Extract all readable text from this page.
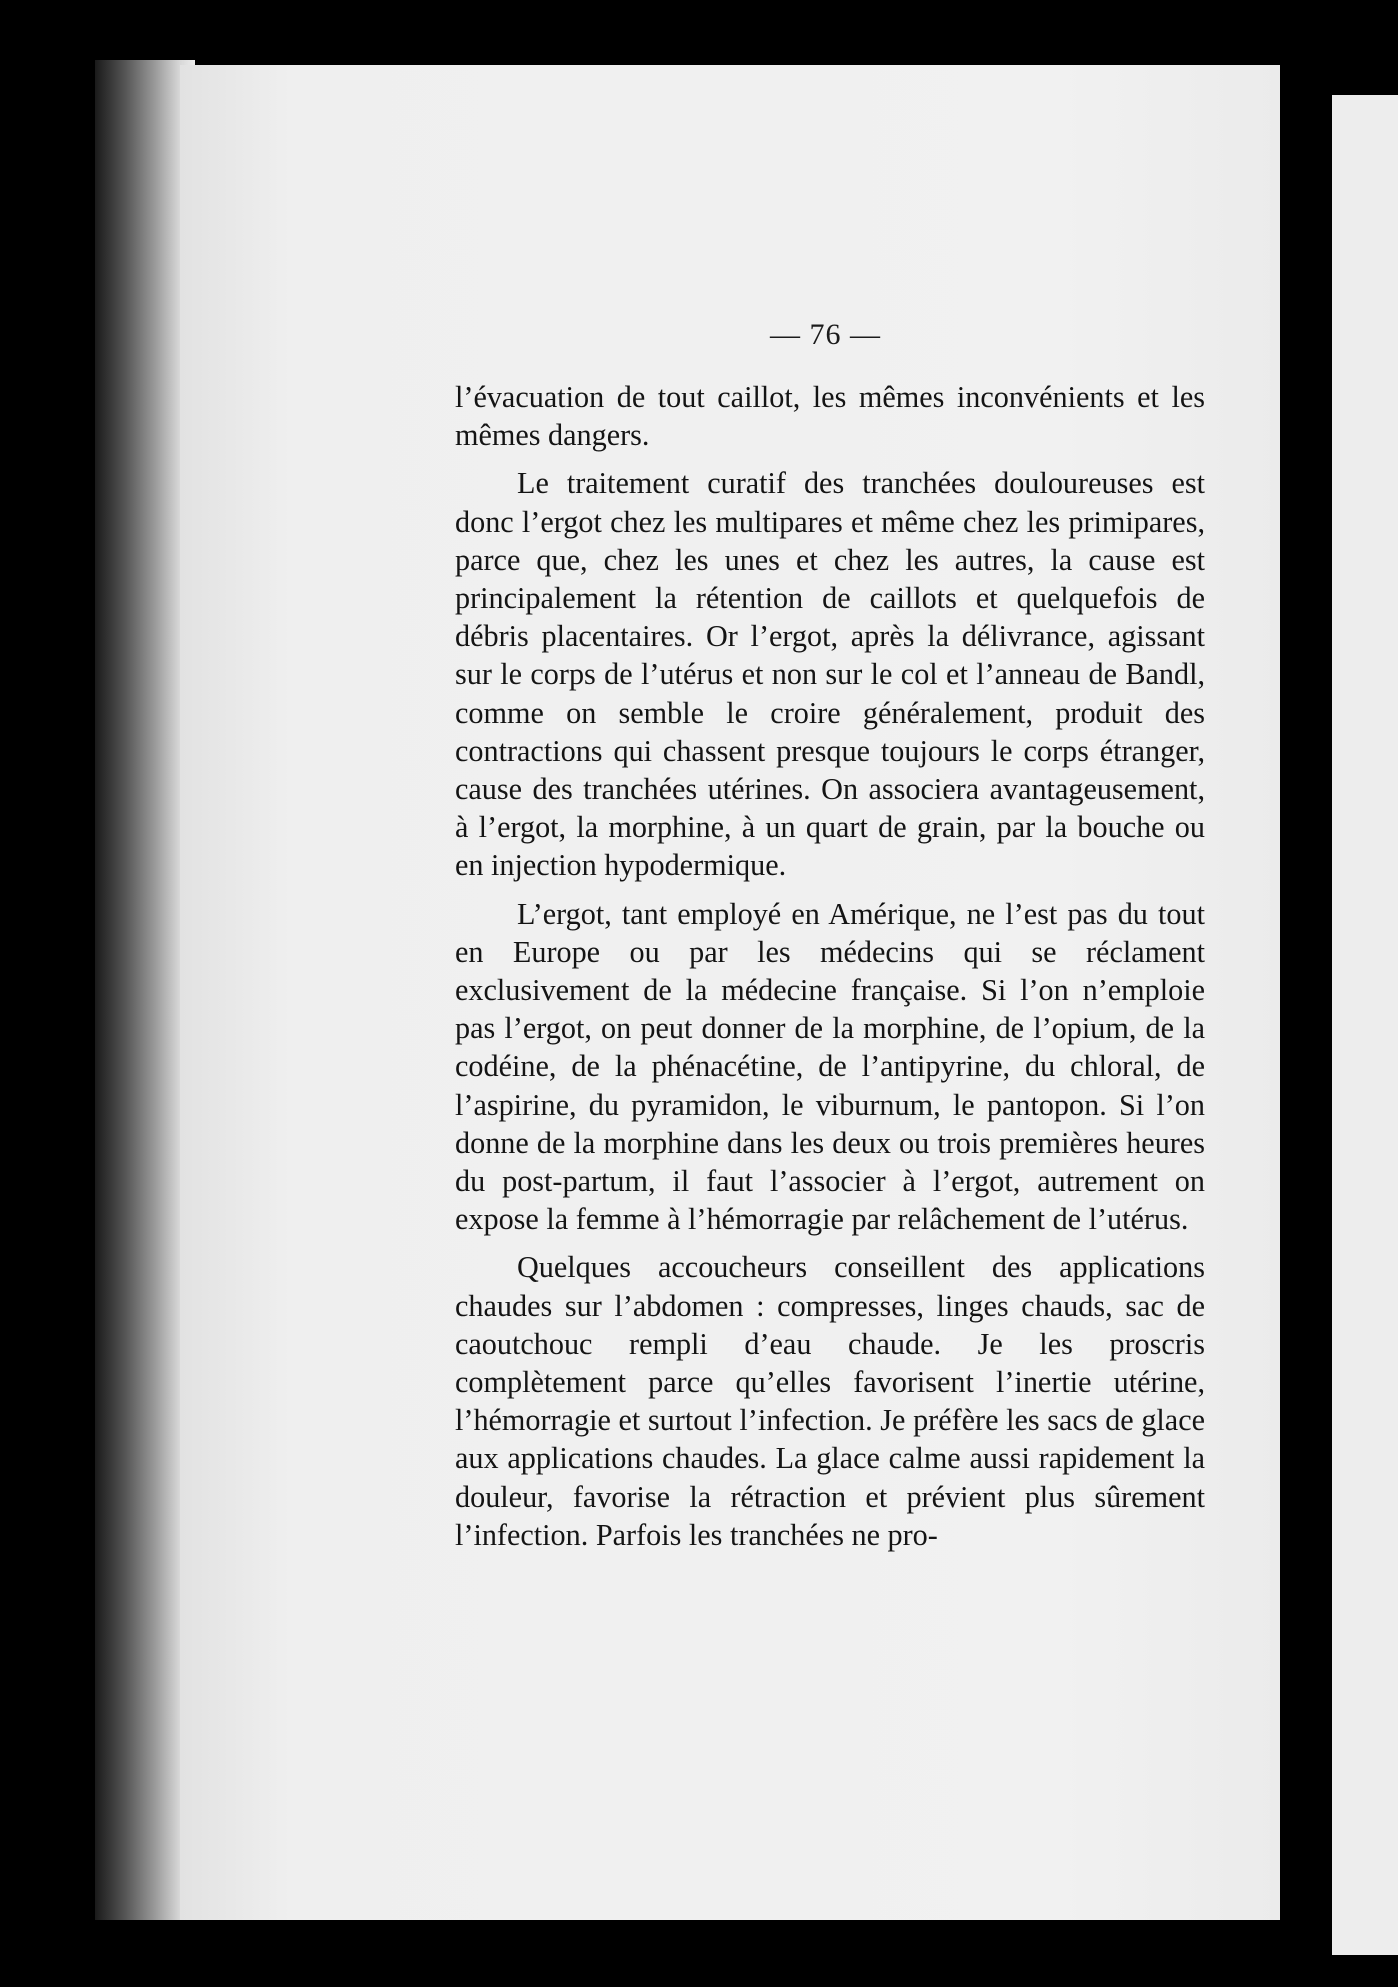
— 76 —

l’évacuation de tout caillot, les mêmes inconvénients et les mêmes dangers.

Le traitement curatif des tranchées douloureuses est donc l’ergot chez les multipares et même chez les primipares, parce que, chez les unes et chez les autres, la cause est principalement la rétention de caillots et quelquefois de débris placentaires. Or l’ergot, après la délivrance, agissant sur le corps de l’utérus et non sur le col et l’anneau de Bandl, comme on semble le croire généralement, produit des contractions qui chassent presque toujours le corps étranger, cause des tranchées utérines. On associera avantageusement, à l’ergot, la morphine, à un quart de grain, par la bouche ou en injection hypodermique.

L’ergot, tant employé en Amérique, ne l’est pas du tout en Europe ou par les médecins qui se réclament exclusivement de la médecine française. Si l’on n’emploie pas l’ergot, on peut donner de la morphine, de l’opium, de la codéine, de la phénacétine, de l’antipyrine, du chloral, de l’aspirine, du pyramidon, le viburnum, le pantopon. Si l’on donne de la morphine dans les deux ou trois premières heures du post-partum, il faut l’associer à l’ergot, autrement on expose la femme à l’hémorragie par relâchement de l’utérus.

Quelques accoucheurs conseillent des applications chaudes sur l’abdomen : compresses, linges chauds, sac de caoutchouc rempli d’eau chaude. Je les proscris complètement parce qu’elles favorisent l’inertie utérine, l’hémorragie et surtout l’infection. Je préfère les sacs de glace aux applications chaudes. La glace calme aussi rapidement la douleur, favorise la rétraction et prévient plus sûrement l’infection. Parfois les tranchées ne pro-
